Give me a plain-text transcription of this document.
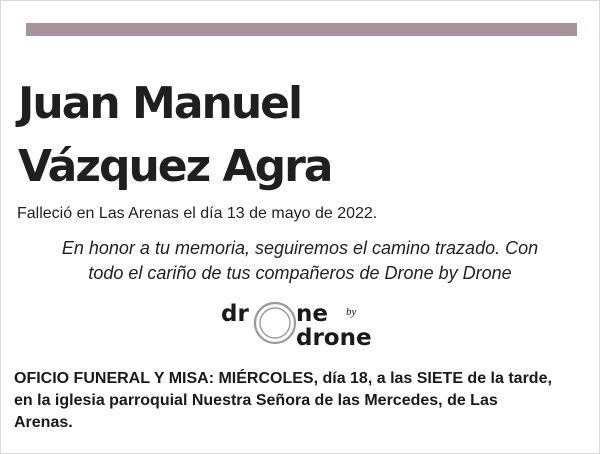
Juan Manuel
Vázquez Agra
Falleció en Las Arenas el día 13 de mayo de 2022.
En honor a tu memoria, seguiremos el camino trazado. Con
todo el cariño de tus compañeros de Drone by Drone
dr ne by
drone
OFICIO FUNERAL Y MISA: MIÉRCOLES, día 18, a las SIETE de la tarde,
en la iglesia parroquial Nuestra Señora de las Mercedes, de Las
Arenas.
